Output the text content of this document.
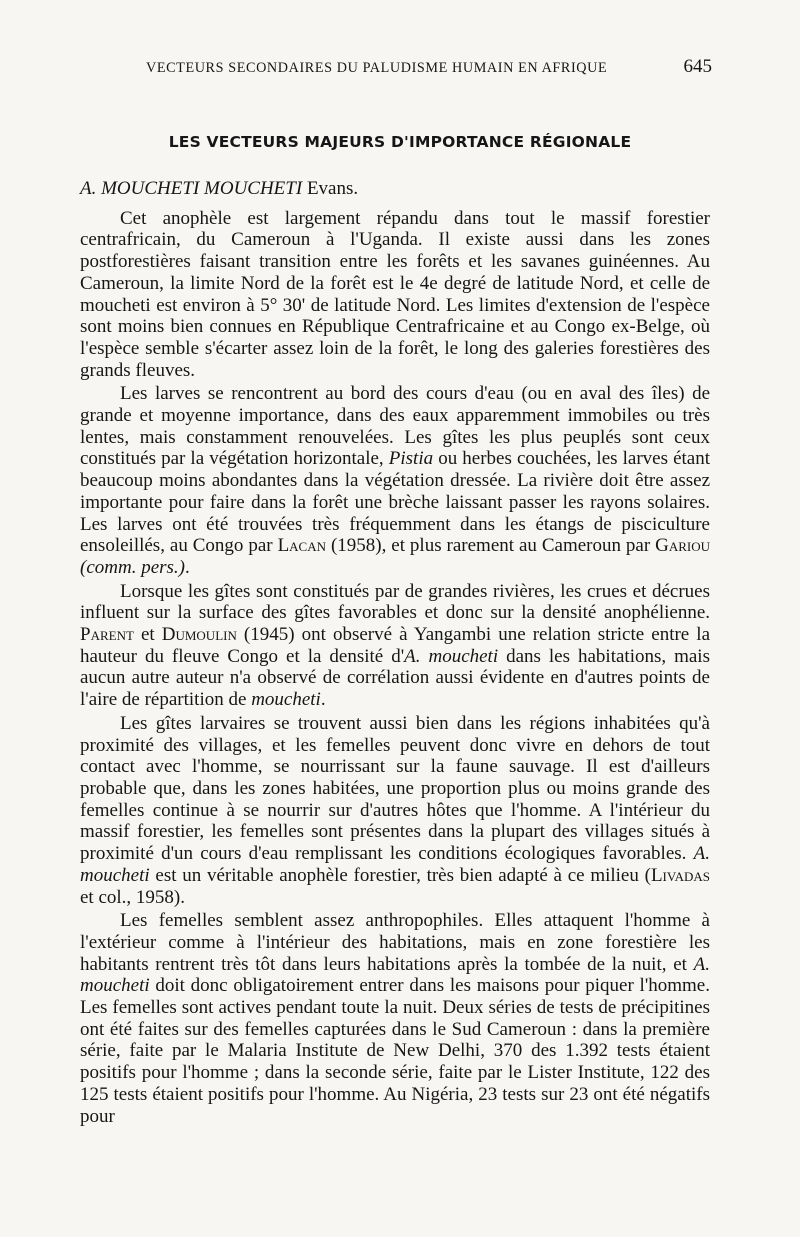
VECTEURS SECONDAIRES DU PALUDISME HUMAIN EN AFRIQUE	645
LES VECTEURS MAJEURS D'IMPORTANCE RÉGIONALE
A. MOUCHETI MOUCHETI Evans.

Cet anophèle est largement répandu dans tout le massif forestier centrafricain, du Cameroun à l'Uganda. Il existe aussi dans les zones postforestières faisant transition entre les forêts et les savanes guinéennes. Au Cameroun, la limite Nord de la forêt est le 4e degré de latitude Nord, et celle de moucheti est environ à 5° 30' de latitude Nord. Les limites d'extension de l'espèce sont moins bien connues en République Centrafricaine et au Congo ex-Belge, où l'espèce semble s'écarter assez loin de la forêt, le long des galeries forestières des grands fleuves.

Les larves se rencontrent au bord des cours d'eau (ou en aval des îles) de grande et moyenne importance, dans des eaux apparemment immobiles ou très lentes, mais constamment renouvelées. Les gîtes les plus peuplés sont ceux constitués par la végétation horizontale, Pistia ou herbes couchées, les larves étant beaucoup moins abondantes dans la végétation dressée. La rivière doit être assez importante pour faire dans la forêt une brèche laissant passer les rayons solaires. Les larves ont été trouvées très fréquemment dans les étangs de pisciculture ensoleillés, au Congo par Lacan (1958), et plus rarement au Cameroun par Gariou (comm. pers.).

Lorsque les gîtes sont constitués par de grandes rivières, les crues et décrues influent sur la surface des gîtes favorables et donc sur la densité anophélienne. Parent et Dumoulin (1945) ont observé à Yangambi une relation stricte entre la hauteur du fleuve Congo et la densité d'A. moucheti dans les habitations, mais aucun autre auteur n'a observé de corrélation aussi évidente en d'autres points de l'aire de répartition de moucheti.

Les gîtes larvaires se trouvent aussi bien dans les régions inhabitées qu'à proximité des villages, et les femelles peuvent donc vivre en dehors de tout contact avec l'homme, se nourrissant sur la faune sauvage. Il est d'ailleurs probable que, dans les zones habitées, une proportion plus ou moins grande des femelles continue à se nourrir sur d'autres hôtes que l'homme. A l'intérieur du massif forestier, les femelles sont présentes dans la plupart des villages situés à proximité d'un cours d'eau remplissant les conditions écologiques favorables. A. moucheti est un véritable anophèle forestier, très bien adapté à ce milieu (Livadas et col., 1958).

Les femelles semblent assez anthropophiles. Elles attaquent l'homme à l'extérieur comme à l'intérieur des habitations, mais en zone forestière les habitants rentrent très tôt dans leurs habitations après la tombée de la nuit, et A. moucheti doit donc obligatoirement entrer dans les maisons pour piquer l'homme. Les femelles sont actives pendant toute la nuit. Deux séries de tests de précipitines ont été faites sur des femelles capturées dans le Sud Cameroun : dans la première série, faite par le Malaria Institute de New Delhi, 370 des 1.392 tests étaient positifs pour l'homme ; dans la seconde série, faite par le Lister Institute, 122 des 125 tests étaient positifs pour l'homme. Au Nigéria, 23 tests sur 23 ont été négatifs pour
